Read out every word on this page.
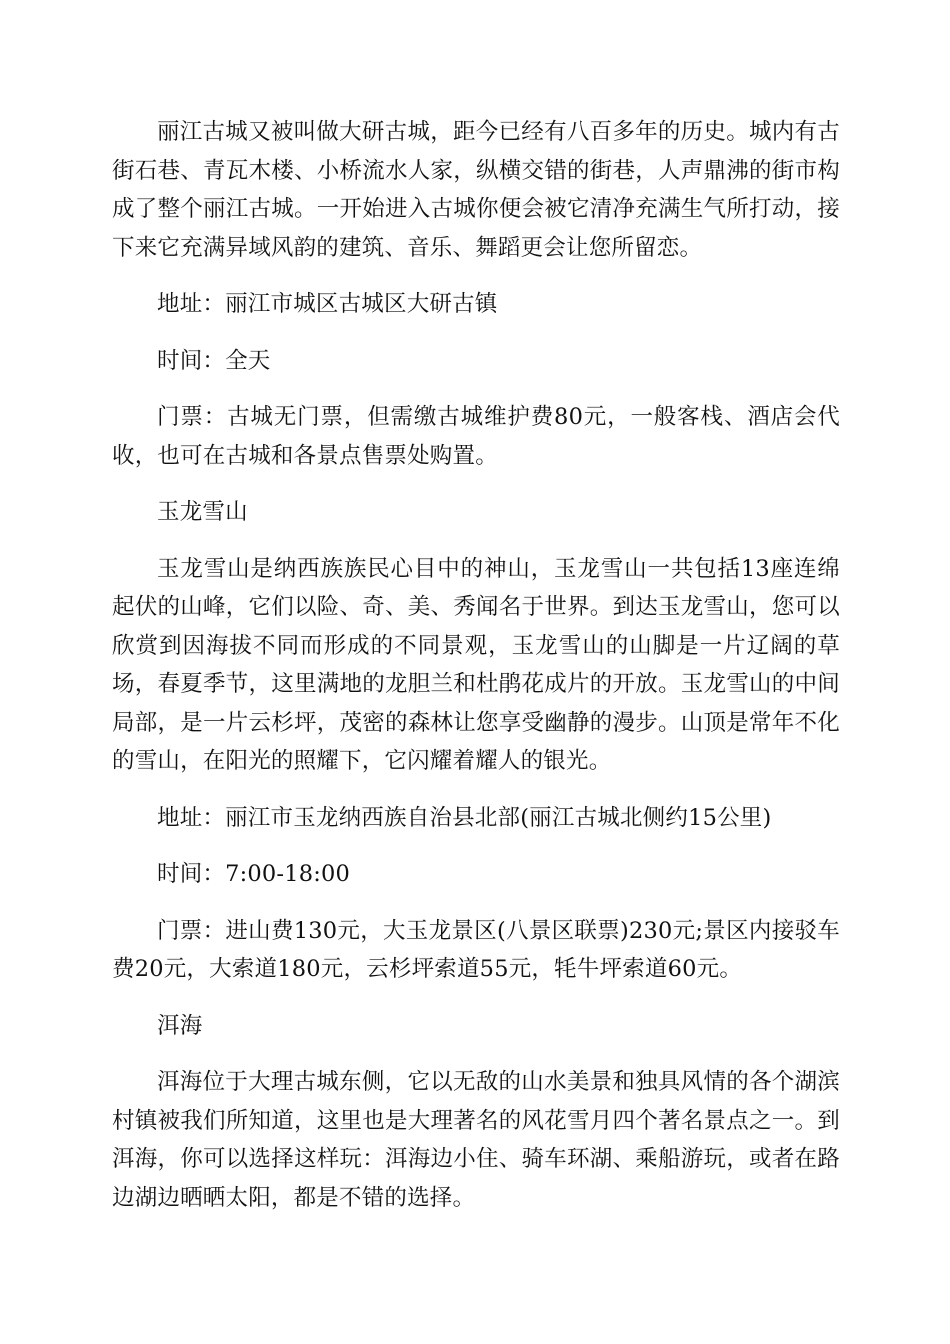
丽江古城又被叫做大研古城，距今已经有八百多年的历史。城内有古街石巷、青瓦木楼、小桥流水人家，纵横交错的街巷，人声鼎沸的街市构成了整个丽江古城。一开始进入古城你便会被它清净充满生气所打动，接下来它充满异域风韵的建筑、音乐、舞蹈更会让您所留恋。

地址：丽江市城区古城区大研古镇

时间：全天

门票：古城无门票，但需缴古城维护费80元，一般客栈、酒店会代收，也可在古城和各景点售票处购置。

玉龙雪山

玉龙雪山是纳西族族民心目中的神山，玉龙雪山一共包括13座连绵起伏的山峰，它们以险、奇、美、秀闻名于世界。到达玉龙雪山，您可以欣赏到因海拔不同而形成的不同景观，玉龙雪山的山脚是一片辽阔的草场，春夏季节，这里满地的龙胆兰和杜鹃花成片的开放。玉龙雪山的中间局部，是一片云杉坪，茂密的森林让您享受幽静的漫步。山顶是常年不化的雪山，在阳光的照耀下，它闪耀着耀人的银光。

地址：丽江市玉龙纳西族自治县北部(丽江古城北侧约15公里)

时间：7:00-18:00

门票：进山费130元，大玉龙景区(八景区联票)230元;景区内接驳车费20元，大索道180元，云杉坪索道55元，牦牛坪索道60元。

洱海

洱海位于大理古城东侧，它以无敌的山水美景和独具风情的各个湖滨村镇被我们所知道，这里也是大理著名的风花雪月四个著名景点之一。到洱海，你可以选择这样玩：洱海边小住、骑车环湖、乘船游玩，或者在路边湖边晒晒太阳，都是不错的选择。
